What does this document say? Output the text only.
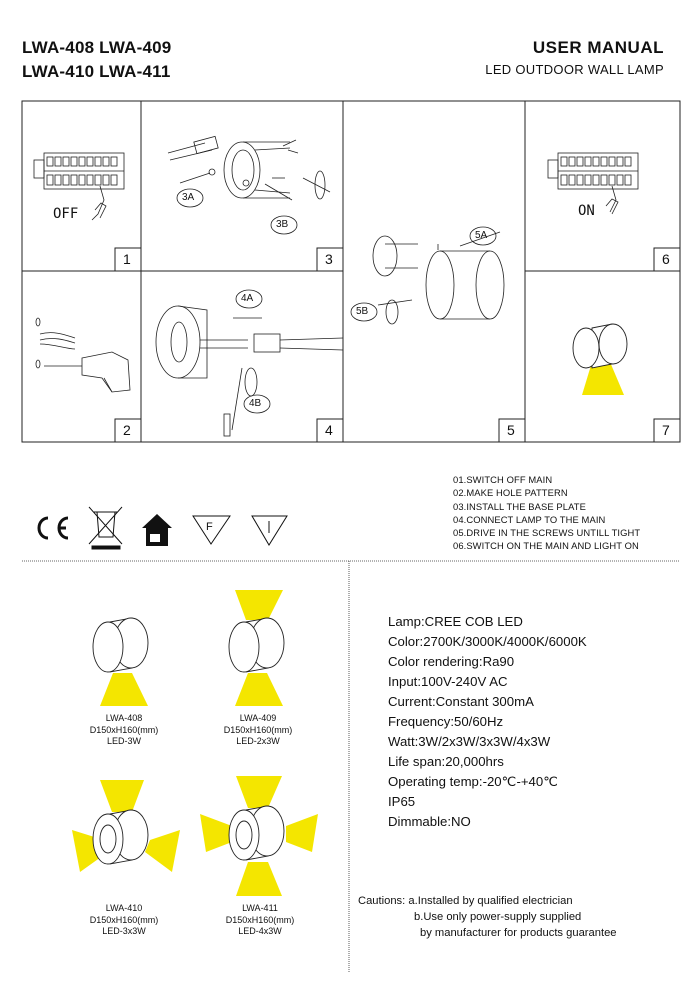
LWA-408 LWA-409
LWA-410 LWA-411
USER MANUAL
LED OUTDOOR WALL LAMP
F
1
2
3
4	5
6
7
OFF	ON
3A
3B
4A
4B
5A
5B
01.SWITCH OFF MAIN
02.MAKE HOLE PATTERN
03.INSTALL THE BASE PLATE
04.CONNECT LAMP TO THE MAIN
05.DRIVE IN THE SCREWS UNTILL TIGHT
06.SWITCH ON THE MAIN AND LIGHT ON
LWA-408
D150xH160(mm)
LED-3W
LWA-409
D150xH160(mm)
LED-2x3W
LWA-410
D150xH160(mm)
LED-3x3W
LWA-411
D150xH160(mm)
LED-4x3W
Lamp:CREE COB LED
Color:2700K/3000K/4000K/6000K
Color rendering:Ra90
Input:100V-240V AC
Current:Constant 300mA
Frequency:50/60Hz
Watt:3W/2x3W/3x3W/4x3W
Life span:20,000hrs
Operating temp:-20℃-+40℃
IP65
Dimmable:NO
Cautions: a.Installed by qualified electrician
b.Use only power-supply supplied
by manufacturer for products guarantee
